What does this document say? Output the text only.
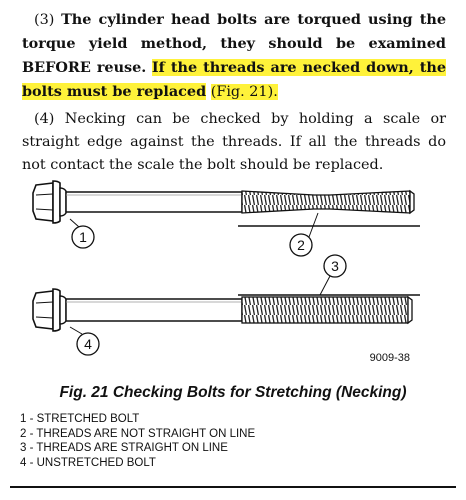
(3) The cylinder head bolts are torqued using the torque yield method, they should be examined BEFORE reuse. If the threads are necked down, the bolts must be replaced (Fig. 21).
(4) Necking can be checked by holding a scale or straight edge against the threads. If all the threads do not contact the scale the bolt should be replaced.
1	2
3
4
9009-38
Fig. 21 Checking Bolts for Stretching (Necking)
1 - STRETCHED BOLT
2 - THREADS ARE NOT STRAIGHT ON LINE
3 - THREADS ARE STRAIGHT ON LINE
4 - UNSTRETCHED BOLT
